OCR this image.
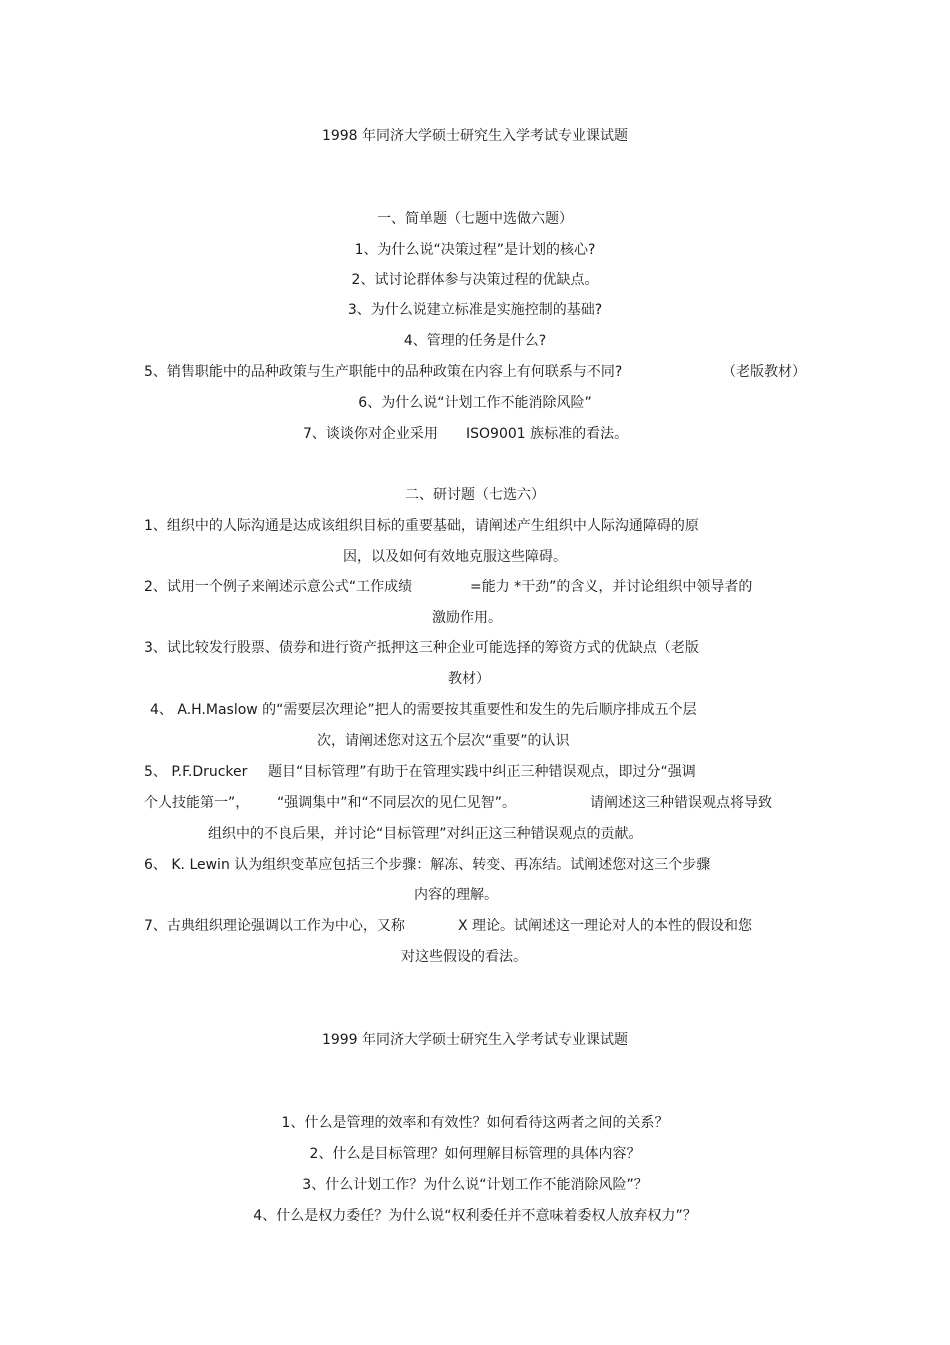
1998 年同济大学硕士研究生入学考试专业课试题
一、简单题（七题中选做六题）
1、为什么说“决策过程”是计划的核心?
2、试讨论群体参与决策过程的优缺点。
3、为什么说建立标准是实施控制的基础?
4、管理的任务是什么?
5、销售职能中的品种政策与生产职能中的品种政策在内容上有何联系与不同?	（老版教材）
6、为什么说“计划工作不能消除风险”
7、谈谈你对企业采用 ISO9001 族标准的看法。
二、研讨题（七选六）
1、组织中的人际沟通是达成该组织目标的重要基础，请阐述产生组织中人际沟通障碍的原
因，以及如何有效地克服这些障碍。
2、试用一个例子来阐述示意公式“工作成绩	=能力 *干劲”的含义，并讨论组织中领导者的
激励作用。
3、试比较发行股票、债券和进行资产抵押这三种企业可能选择的筹资方式的优缺点（老版
教材）
4、 A.H.Maslow 的“需要层次理论”把人的需要按其重要性和发生的先后顺序排成五个层
次，请阐述您对这五个层次“重要”的认识
5、 P.F.Drucker 题目“目标管理”有助于在管理实践中纠正三种错误观点，即过分“强调
个人技能第一”， “强调集中”和“不同层次的见仁见智”。	请阐述这三种错误观点将导致
组织中的不良后果，并讨论“目标管理”对纠正这三种错误观点的贡献。
6、 K. Lewin 认为组织变革应包括三个步骤：解冻、转变、再冻结。试阐述您对这三个步骤
内容的理解。
7、古典组织理论强调以工作为中心，又称	X 理论。试阐述这一理论对人的本性的假设和您
对这些假设的看法。
1999 年同济大学硕士研究生入学考试专业课试题
1、什么是管理的效率和有效性？如何看待这两者之间的关系？
2、什么是目标管理？如何理解目标管理的具体内容？
3、什么计划工作？为什么说“计划工作不能消除风险”？
4、什么是权力委任？为什么说“权利委任并不意味着委权人放弃权力”？
